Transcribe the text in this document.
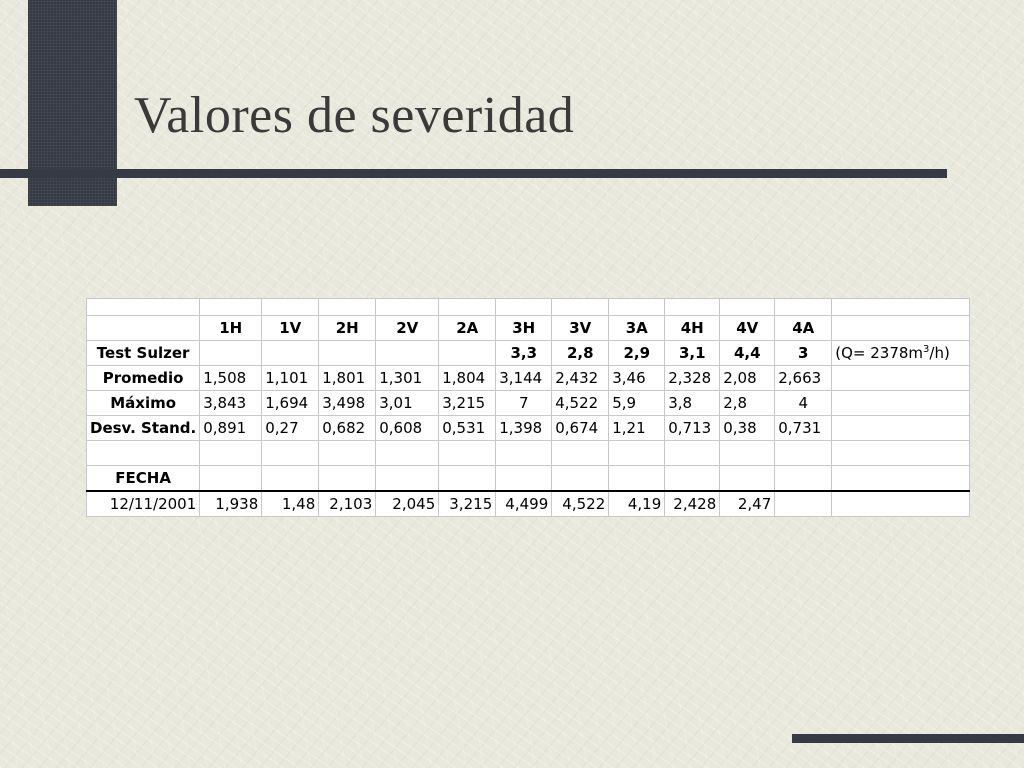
Valores de severidad

	1H	1V	2H	2V	2A	3H	3V	3A	4H	4V	4A	
Test Sulzer						3,3	2,8	2,9	3,1	4,4	3	$(Q= 2378m^3/h)$
Promedio	1,508	1,101	1,801	1,301	1,804	3,144	2,432	3,46	2,328	2,08	2,663	
Máximo	3,843	1,694	3,498	3,01	3,215	7	4,522	5,9	3,8	2,8	4	
Desv. Stand.	0,891	0,27	0,682	0,608	0,531	1,398	0,674	1,21	0,713	0,38	0,731	

FECHA												
12/11/2001	1,938	1,48	2,103	2,045	3,215	4,499	4,522	4,19	2,428	2,47		
